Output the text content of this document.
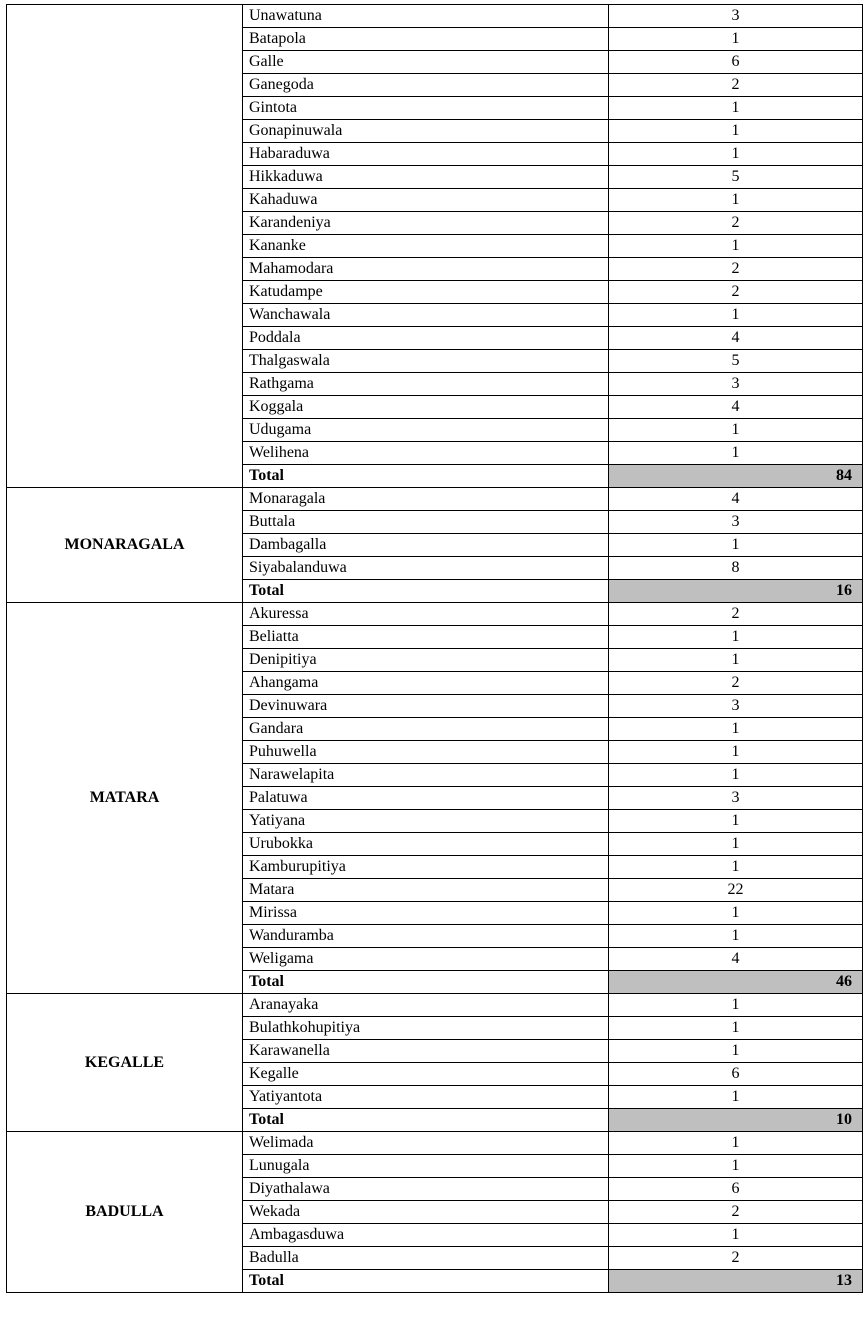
	Unawatuna	3
	Batapola	1
	Galle	6
	Ganegoda	2
	Gintota	1
	Gonapinuwala	1
	Habaraduwa	1
	Hikkaduwa	5
	Kahaduwa	1
	Karandeniya	2
	Kananke	1
	Mahamodara	2
	Katudampe	2
	Wanchawala	1
	Poddala	4
	Thalgaswala	5
	Rathgama	3
	Koggala	4
	Udugama	1
	Welihena	1
	Total	84
MONARAGALA	Monaragala	4
	Buttala	3
	Dambagalla	1
	Siyabalanduwa	8
	Total	16
MATARA	Akuressa	2
	Beliatta	1
	Denipitiya	1
	Ahangama	2
	Devinuwara	3
	Gandara	1
	Puhuwella	1
	Narawelapita	1
	Palatuwa	3
	Yatiyana	1
	Urubokka	1
	Kamburupitiya	1
	Matara	22
	Mirissa	1
	Wanduramba	1
	Weligama	4
	Total	46
KEGALLE	Aranayaka	1
	Bulathkohupitiya	1
	Karawanella	1
	Kegalle	6
	Yatiyantota	1
	Total	10
BADULLA	Welimada	1
	Lunugala	1
	Diyathalawa	6
	Wekada	2
	Ambagasduwa	1
	Badulla	2
	Total	13
